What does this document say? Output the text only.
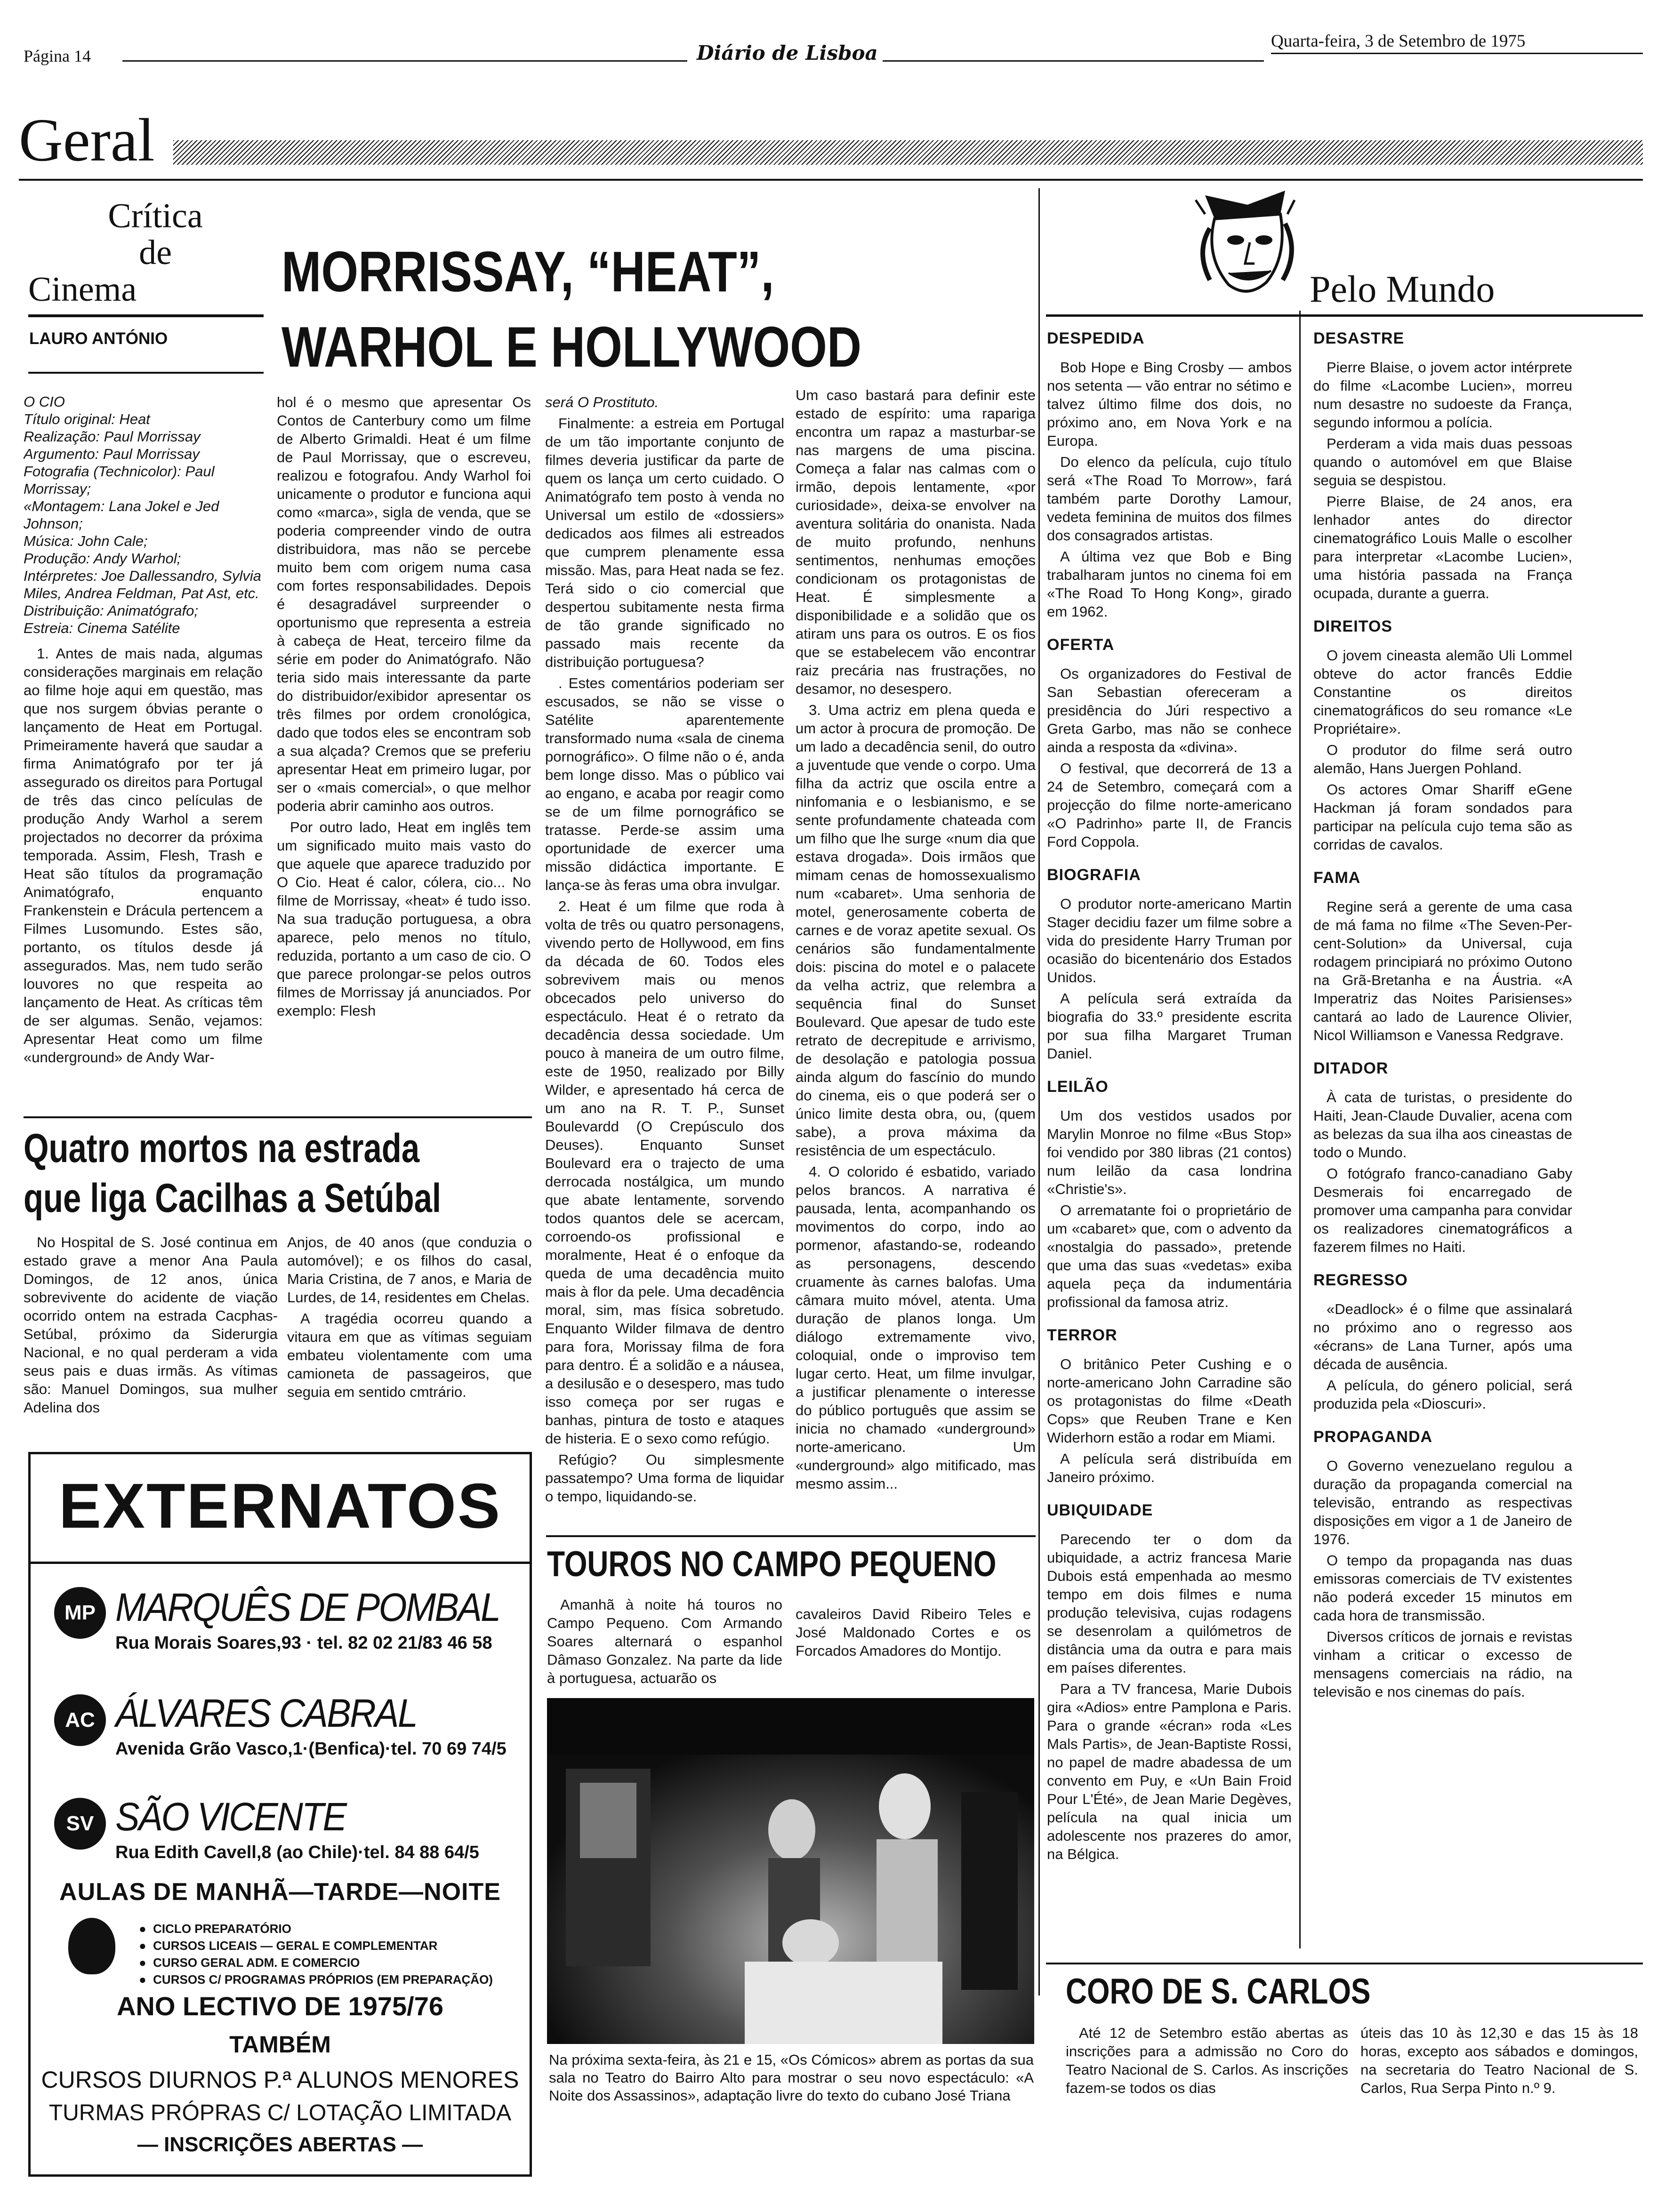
Página 14	Diário de Lisboa
Quarta-feira, 3 de Setembro de 1975
Geral
Crítica
de
Cinema
LAURO ANTÓNIO
MORRISSAY, “HEAT”,
WARHOL E HOLLYWOOD
O CIO
Título original: Heat
Realização: Paul Morrissay
Argumento: Paul Morrissay
Fotografia (Technicolor): Paul Morrissay;
«Montagem: Lana Jokel e Jed Johnson;
Música: John Cale;
Produção: Andy Warhol;
Intérpretes: Joe Dallessandro, Sylvia Miles, Andrea Feldman, Pat Ast, etc.
Distribuição: Animatógrafo;
Estreia: Cinema Satélite

1. Antes de mais nada, algumas considerações marginais em relação ao filme hoje aqui em questão, mas que nos surgem óbvias perante o lançamento de Heat em Portugal. Primeiramente haverá que saudar a firma Animatógrafo por ter já assegurado os direitos para Portugal de três das cinco películas de produção Andy Warhol a serem projectados no decorrer da próxima temporada. Assim, Flesh, Trash e Heat são títulos da programação Animatógrafo, enquanto Frankenstein e Drácula pertencem a Filmes Lusomundo. Estes são, portanto, os títulos desde já assegurados. Mas, nem tudo serão louvores no que respeita ao lançamento de Heat. As críticas têm de ser algumas. Senão, vejamos: Apresentar Heat como um filme «underground» de Andy War-

hol é o mesmo que apresentar Os Contos de Canterbury como um filme de Alberto Grimaldi. Heat é um filme de Paul Morrissay, que o escreveu, realizou e fotografou. Andy Warhol foi unicamente o produtor e funciona aqui como «marca», sigla de venda, que se poderia compreender vindo de outra distribuidora, mas não se percebe muito bem com origem numa casa com fortes responsabilidades. Depois é desagradável surpreender o oportunismo que representa a estreia à cabeça de Heat, terceiro filme da série em poder do Animatógrafo. Não teria sido mais interessante da parte do distribuidor/exibidor apresentar os três filmes por ordem cronológica, dado que todos eles se encontram sob a sua alçada? Cremos que se preferiu apresentar Heat em primeiro lugar, por ser o «mais comercial», o que melhor poderia abrir caminho aos outros.

Por outro lado, Heat em inglês tem um significado muito mais vasto do que aquele que aparece traduzido por O Cio. Heat é calor, cólera, cio... No filme de Morrissay, «heat» é tudo isso. Na sua tradução portuguesa, a obra aparece, pelo menos no título, reduzida, portanto a um caso de cio. O que parece prolongar-se pelos outros filmes de Morrissay já anunciados. Por exemplo: Flesh

será O Prostituto.

Finalmente: a estreia em Portugal de um tão importante conjunto de filmes deveria justificar da parte de quem os lança um certo cuidado. O Animatógrafo tem posto à venda no Universal um estilo de «dossiers» dedicados aos filmes ali estreados que cumprem plenamente essa missão. Mas, para Heat nada se fez. Terá sido o cio comercial que despertou subitamente nesta firma de tão grande significado no passado mais recente da distribuição portuguesa?

. Estes comentários poderiam ser escusados, se não se visse o Satélite aparentemente transformado numa «sala de cinema pornográfico». O filme não o é, anda bem longe disso. Mas o público vai ao engano, e acaba por reagir como se de um filme pornográfico se tratasse. Perde-se assim uma oportunidade de exercer uma missão didáctica importante. E lança-se às feras uma obra invulgar.

2. Heat é um filme que roda à volta de três ou quatro personagens, vivendo perto de Hollywood, em fins da década de 60. Todos eles sobrevivem mais ou menos obcecados pelo universo do espectáculo. Heat é o retrato da decadência dessa sociedade. Um pouco à maneira de um outro filme, este de 1950, realizado por Billy Wilder, e apresentado há cerca de um ano na R. T. P., Sunset Boulevardd (O Crepúsculo dos Deuses). Enquanto Sunset Boulevard era o trajecto de uma derrocada nostálgica, um mundo que abate lentamente, sorvendo todos quantos dele se acercam, corroendo-os profissional e moralmente, Heat é o enfoque da queda de uma decadência muito mais à flor da pele. Uma decadência moral, sim, mas física sobretudo. Enquanto Wilder filmava de dentro para fora, Morissay filma de fora para dentro. É a solidão e a náusea, a desilusão e o desespero, mas tudo isso começa por ser rugas e banhas, pintura de tosto e ataques de histeria. E o sexo como refúgio.

Refúgio? Ou simplesmente passatempo? Uma forma de liquidar o tempo, liquidando-se.

Um caso bastará para definir este estado de espírito: uma rapariga encontra um rapaz a masturbar-se nas margens de uma piscina. Começa a falar nas calmas com o irmão, depois lentamente, «por curiosidade», deixa-se envolver na aventura solitária do onanista. Nada de muito profundo, nenhuns sentimentos, nenhumas emoções condicionam os protagonistas de Heat. É simplesmente a disponibilidade e a solidão que os atiram uns para os outros. E os fios que se estabelecem vão encontrar raiz precária nas frustrações, no desamor, no desespero.

3. Uma actriz em plena queda e um actor à procura de promoção. De um lado a decadência senil, do outro a juventude que vende o corpo. Uma filha da actriz que oscila entre a ninfomania e o lesbianismo, e se sente profundamente chateada com um filho que lhe surge «num dia que estava drogada». Dois irmãos que mimam cenas de homossexualismo num «cabaret». Uma senhoria de motel, generosamente coberta de carnes e de voraz apetite sexual. Os cenários são fundamentalmente dois: piscina do motel e o palacete da velha actriz, que relembra a sequência final do Sunset Boulevard. Que apesar de tudo este retrato de decrepitude e arrivismo, de desolação e patologia possua ainda algum do fascínio do mundo do cinema, eis o que poderá ser o único limite desta obra, ou, (quem sabe), a prova máxima da resistência de um espectáculo.

4. O colorido é esbatido, variado pelos brancos. A narrativa é pausada, lenta, acompanhando os movimentos do corpo, indo ao pormenor, afastando-se, rodeando as personagens, descendo cruamente às carnes balofas. Uma câmara muito móvel, atenta. Uma duração de planos longa. Um diálogo extremamente vivo, coloquial, onde o improviso tem lugar certo. Heat, um filme invulgar, a justificar plenamente o interesse do público português que assim se inicia no chamado «underground» norte-americano. Um «underground» algo mitificado, mas mesmo assim...

Quatro mortos na estrada
que liga Cacilhas a Setúbal

No Hospital de S. José continua em estado grave a menor Ana Paula Domingos, de 12 anos, única sobrevivente do acidente de viação ocorrido ontem na estrada Cacphas-Setúbal, próximo da Siderurgia Nacional, e no qual perderam a vida seus pais e duas irmãs. As vítimas são: Manuel Domingos, sua mulher Adelina dos

Anjos, de 40 anos (que conduzia o automóvel); e os filhos do casal, Maria Cristina, de 7 anos, e Maria de Lurdes, de 14, residentes em Chelas.

A tragédia ocorreu quando a vitaura em que as vítimas seguiam embateu violentamente com uma camioneta de passageiros, que seguia em sentido cmtrário.

EXTERNATOS
MP MARQUÊS DE POMBAL
Rua Morais Soares,93 · tel. 82 02 21/83 46 58
AC ÁLVARES CABRAL
Avenida Grão Vasco,1·(Benfica)·tel. 70 69 74/5
SV SÃO VICENTE
Rua Edith Cavell,8 (ao Chile)·tel. 84 88 64/5
AULAS DE MANHÃ—TARDE—NOITE
●  CICLO PREPARATÓRIO
●  CURSOS LICEAIS — GERAL E COMPLEMENTAR
●  CURSO GERAL ADM. E COMERCIO
●  CURSOS C/ PROGRAMAS PRÓPRIOS (EM PREPARAÇÃO)
ANO LECTIVO DE 1975/76
TAMBÉM
CURSOS DIURNOS P.ª ALUNOS MENORES
TURMAS PRÓPRAS C/ LOTAÇÃO LIMITADA
— INSCRIÇÕES ABERTAS —
TOUROS NO CAMPO PEQUENO

Amanhã à noite há touros no Campo Pequeno. Com Armando Soares alternará o espanhol Dâmaso Gonzalez. Na parte da lide à portuguesa, actuarão os

cavaleiros David Ribeiro Teles e José Maldonado Cortes e os Forcados Amadores do Montijo.

Na próxima sexta-feira, às 21 e 15, «Os Cómicos» abrem as portas da sua sala no Teatro do Bairro Alto para mostrar o seu novo espectáculo: «A Noite dos Assassinos», adaptação livre do texto do cubano José Triana
Pelo Mundo
DESPEDIDA

Bob Hope e Bing Crosby — ambos nos setenta — vão entrar no sétimo e talvez último filme dos dois, no próximo ano, em Nova York e na Europa.

Do elenco da película, cujo título será «The Road To Morrow», fará também parte Dorothy Lamour, vedeta feminina de muitos dos filmes dos consagrados artistas.

A última vez que Bob e Bing trabalharam juntos no cinema foi em «The Road To Hong Kong», girado em 1962.

OFERTA

Os organizadores do Festival de San Sebastian ofereceram a presidência do Júri respectivo a Greta Garbo, mas não se conhece ainda a resposta da «divina».

O festival, que decorrerá de 13 a 24 de Setembro, começará com a projecção do filme norte-americano «O Padrinho» parte II, de Francis Ford Coppola.

BIOGRAFIA

O produtor norte-americano Martin Stager decidiu fazer um filme sobre a vida do presidente Harry Truman por ocasião do bicentenário dos Estados Unidos.

A película será extraída da biografia do 33.º presidente escrita por sua filha Margaret Truman Daniel.

LEILÃO

Um dos vestidos usados por Marylin Monroe no filme «Bus Stop» foi vendido por 380 libras (21 contos) num leilão da casa londrina «Christie's».

O arrematante foi o proprietário de um «cabaret» que, com o advento da «nostalgia do passado», pretende que uma das suas «vedetas» exiba aquela peça da indumentária profissional da famosa atriz.

TERROR

O britânico Peter Cushing e o norte-americano John Carradine são os protagonistas do filme «Death Cops» que Reuben Trane e Ken Widerhorn estão a rodar em Miami.

A película será distribuída em Janeiro próximo.

UBIQUIDADE

Parecendo ter o dom da ubiquidade, a actriz francesa Marie Dubois está empenhada ao mesmo tempo em dois filmes e numa produção televisiva, cujas rodagens se desenrolam a quilómetros de distância uma da outra e para mais em países diferentes.

Para a TV francesa, Marie Dubois gira «Adios» entre Pamplona e Paris. Para o grande «écran» roda «Les Mals Partis», de Jean-Baptiste Rossi, no papel de madre abadessa de um convento em Puy, e «Un Bain Froid Pour L'Été», de Jean Marie Degèves, película na qual inicia um adolescente nos prazeres do amor, na Bélgica.

DESASTRE

Pierre Blaise, o jovem actor intérprete do filme «Lacombe Lucien», morreu num desastre no sudoeste da França, segundo informou a polícia.

Perderam a vida mais duas pessoas quando o automóvel em que Blaise seguia se despistou.

Pierre Blaise, de 24 anos, era lenhador antes do director cinematográfico Louis Malle o escolher para interpretar «Lacombe Lucien», uma história passada na França ocupada, durante a guerra.

DIREITOS

O jovem cineasta alemão Uli Lommel obteve do actor francês Eddie Constantine os direitos cinematográficos do seu romance «Le Propriétaire».

O produtor do filme será outro alemão, Hans Juergen Pohland.

Os actores Omar Shariff eGene Hackman já foram sondados para participar na película cujo tema são as corridas de cavalos.

FAMA

Regine será a gerente de uma casa de má fama no filme «The Seven-Per-cent-Solution» da Universal, cuja rodagem principiará no próximo Outono na Grã-Bretanha e na Áustria. «A Imperatriz das Noites Parisienses» cantará ao lado de Laurence Olivier, Nicol Williamson e Vanessa Redgrave.

DITADOR

À cata de turistas, o presidente do Haiti, Jean-Claude Duvalier, acena com as belezas da sua ilha aos cineastas de todo o Mundo.

O fotógrafo franco-canadiano Gaby Desmerais foi encarregado de promover uma campanha para convidar os realizadores cinematográficos a fazerem filmes no Haiti.

REGRESSO

«Deadlock» é o filme que assinalará no próximo ano o regresso aos «écrans» de Lana Turner, após uma década de ausência.

A película, do género policial, será produzida pela «Dioscuri».

PROPAGANDA

O Governo venezuelano regulou a duração da propaganda comercial na televisão, entrando as respectivas disposições em vigor a 1 de Janeiro de 1976.

O tempo da propaganda nas duas emissoras comerciais de TV existentes não poderá exceder 15 minutos em cada hora de transmissão.

Diversos críticos de jornais e revistas vinham a criticar o excesso de mensagens comerciais na rádio, na televisão e nos cinemas do país.

CORO DE S. CARLOS

Até 12 de Setembro estão abertas as inscrições para a admissão no Coro do Teatro Nacional de S. Carlos. As inscrições fazem-se todos os dias

úteis das 10 às 12,30 e das 15 às 18 horas, excepto aos sábados e domingos, na secretaria do Teatro Nacional de S. Carlos, Rua Serpa Pinto n.º 9.
